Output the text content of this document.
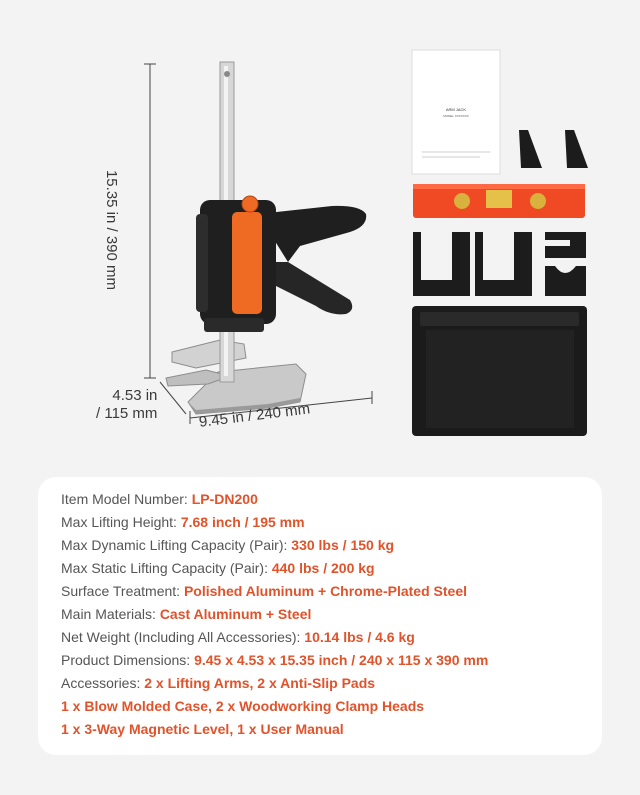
ARM JACK
MODEL XXXXXXX
15.35 in / 390 mm
4.53 in
/ 115 mm	9.45 in / 240 mm
Item Model Number: LP-DN200
Max Lifting Height: 7.68 inch / 195 mm
Max Dynamic Lifting Capacity (Pair): 330 lbs / 150 kg
Max Static Lifting Capacity (Pair): 440 lbs / 200 kg
Surface Treatment: Polished Aluminum + Chrome-Plated Steel
Main Materials: Cast Aluminum + Steel
Net Weight (Including All Accessories): 10.14 lbs / 4.6 kg
Product Dimensions: 9.45 x 4.53 x 15.35 inch / 240 x 115 x 390 mm
Accessories: 2 x Lifting Arms, 2 x Anti-Slip Pads
1 x Blow Molded Case, 2 x Woodworking Clamp Heads
1 x 3-Way Magnetic Level, 1 x User Manual
